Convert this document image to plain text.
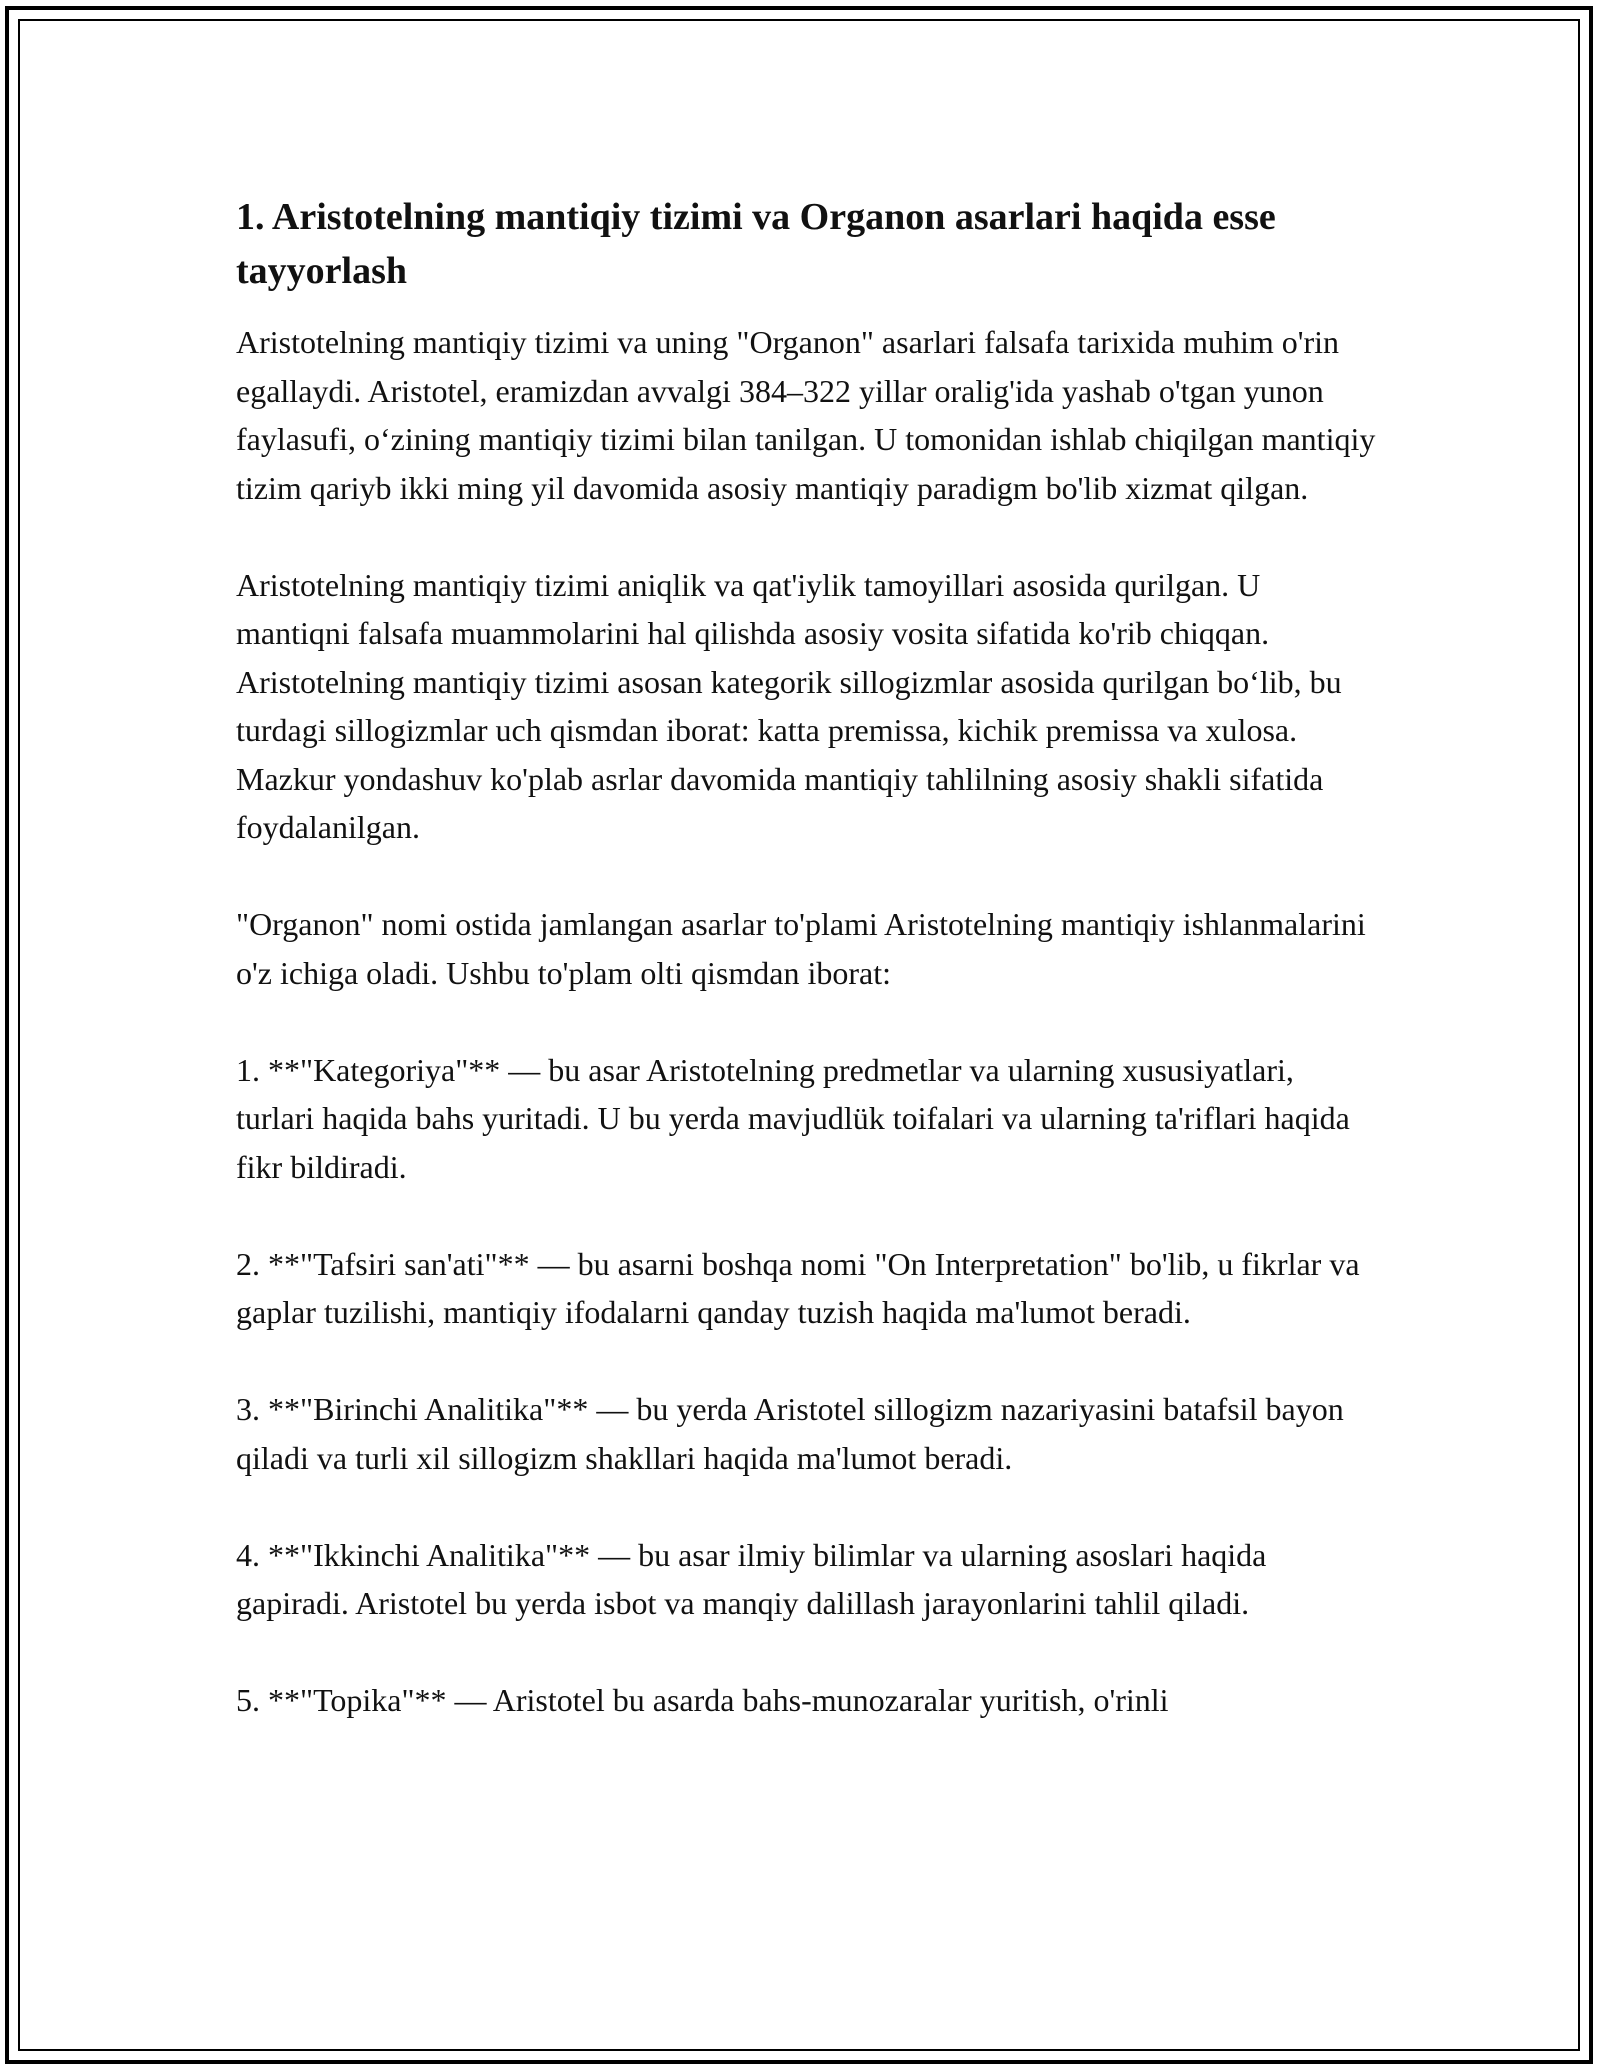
1. Aristotelning mantiqiy tizimi va Organon asarlari haqida esse tayyorlash

Aristotelning mantiqiy tizimi va uning "Organon" asarlari falsafa tarixida muhim o'rin egallaydi. Aristotel, eramizdan avvalgi 384–322 yillar oralig'ida yashab o'tgan yunon faylasufi, o‘zining mantiqiy tizimi bilan tanilgan. U tomonidan ishlab chiqilgan mantiqiy tizim qariyb ikki ming yil davomida asosiy mantiqiy paradigm bo'lib xizmat qilgan.

Aristotelning mantiqiy tizimi aniqlik va qat'iylik tamoyillari asosida qurilgan. U mantiqni falsafa muammolarini hal qilishda asosiy vosita sifatida ko'rib chiqqan. Aristotelning mantiqiy tizimi asosan kategorik sillogizmlar asosida qurilgan bo‘lib, bu turdagi sillogizmlar uch qismdan iborat: katta premissa, kichik premissa va xulosa. Mazkur yondashuv ko'plab asrlar davomida mantiqiy tahlilning asosiy shakli sifatida foydalanilgan.

"Organon" nomi ostida jamlangan asarlar to'plami Aristotelning mantiqiy ishlanmalarini o'z ichiga oladi. Ushbu to'plam olti qismdan iborat:

1. **"Kategoriya"** — bu asar Aristotelning predmetlar va ularning xususiyatlari, turlari haqida bahs yuritadi. U bu yerda mavjudlük toifalari va ularning ta'riflari haqida fikr bildiradi.

2. **"Tafsiri san'ati"** — bu asarni boshqa nomi "On Interpretation" bo'lib, u fikrlar va gaplar tuzilishi, mantiqiy ifodalarni qanday tuzish haqida ma'lumot beradi.

3. **"Birinchi Analitika"** — bu yerda Aristotel sillogizm nazariyasini batafsil bayon qiladi va turli xil sillogizm shakllari haqida ma'lumot beradi.

4. **"Ikkinchi Analitika"** — bu asar ilmiy bilimlar va ularning asoslari haqida gapiradi. Aristotel bu yerda isbot va manqiy dalillash jarayonlarini tahlil qiladi.

5. **"Topika"** — Aristotel bu asarda bahs-munozaralar yuritish, o'rinli
